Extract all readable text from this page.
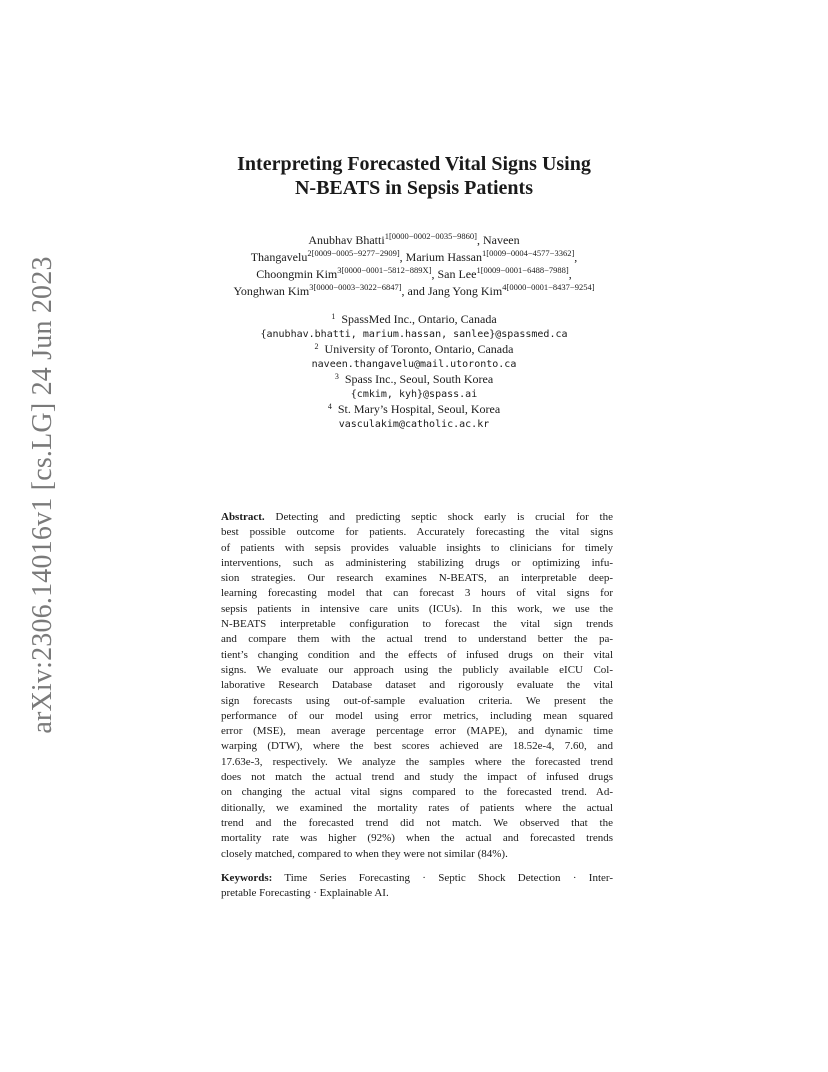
arXiv:2306.14016v1 [cs.LG] 24 Jun 2023
Interpreting Forecasted Vital Signs Using
N-BEATS in Sepsis Patients
Anubhav Bhatti$^{1[0000-0002-0035-9860]}$, Naveen
Thangavelu$^{2[0009-0005-9277-2909]}$, Marium Hassan$^{1[0009-0004-4577-3362]}$,
Choongmin Kim$^{3[0000-0001-5812-889X]}$, San Lee$^{1[0009-0001-6488-7988]}$,
Yonghwan Kim$^{3[0000-0003-3022-6847]}$, and Jang Yong Kim$^{4[0000-0001-8437-9254]}$
$^1$ SpassMed Inc., Ontario, Canada
{anubhav.bhatti, marium.hassan, sanlee}@spassmed.ca
$^2$ University of Toronto, Ontario, Canada
naveen.thangavelu@mail.utoronto.ca
$^3$ Spass Inc., Seoul, South Korea
{cmkim, kyh}@spass.ai
$^4$ St. Mary’s Hospital, Seoul, Korea
vasculakim@catholic.ac.kr
Abstract. Detecting and predicting septic shock early is crucial for the
best possible outcome for patients. Accurately forecasting the vital signs
of patients with sepsis provides valuable insights to clinicians for timely
interventions, such as administering stabilizing drugs or optimizing infu-
sion strategies. Our research examines N-BEATS, an interpretable deep-
learning forecasting model that can forecast 3 hours of vital signs for
sepsis patients in intensive care units (ICUs). In this work, we use the
N-BEATS interpretable configuration to forecast the vital sign trends
and compare them with the actual trend to understand better the pa-
tient’s changing condition and the effects of infused drugs on their vital
signs. We evaluate our approach using the publicly available eICU Col-
laborative Research Database dataset and rigorously evaluate the vital
sign forecasts using out-of-sample evaluation criteria. We present the
performance of our model using error metrics, including mean squared
error (MSE), mean average percentage error (MAPE), and dynamic time
warping (DTW), where the best scores achieved are 18.52e-4, 7.60, and
17.63e-3, respectively. We analyze the samples where the forecasted trend
does not match the actual trend and study the impact of infused drugs
on changing the actual vital signs compared to the forecasted trend. Ad-
ditionally, we examined the mortality rates of patients where the actual
trend and the forecasted trend did not match. We observed that the
mortality rate was higher (92%) when the actual and forecasted trends
closely matched, compared to when they were not similar (84%).
Keywords: Time Series Forecasting · Septic Shock Detection · Inter-
pretable Forecasting · Explainable AI.
